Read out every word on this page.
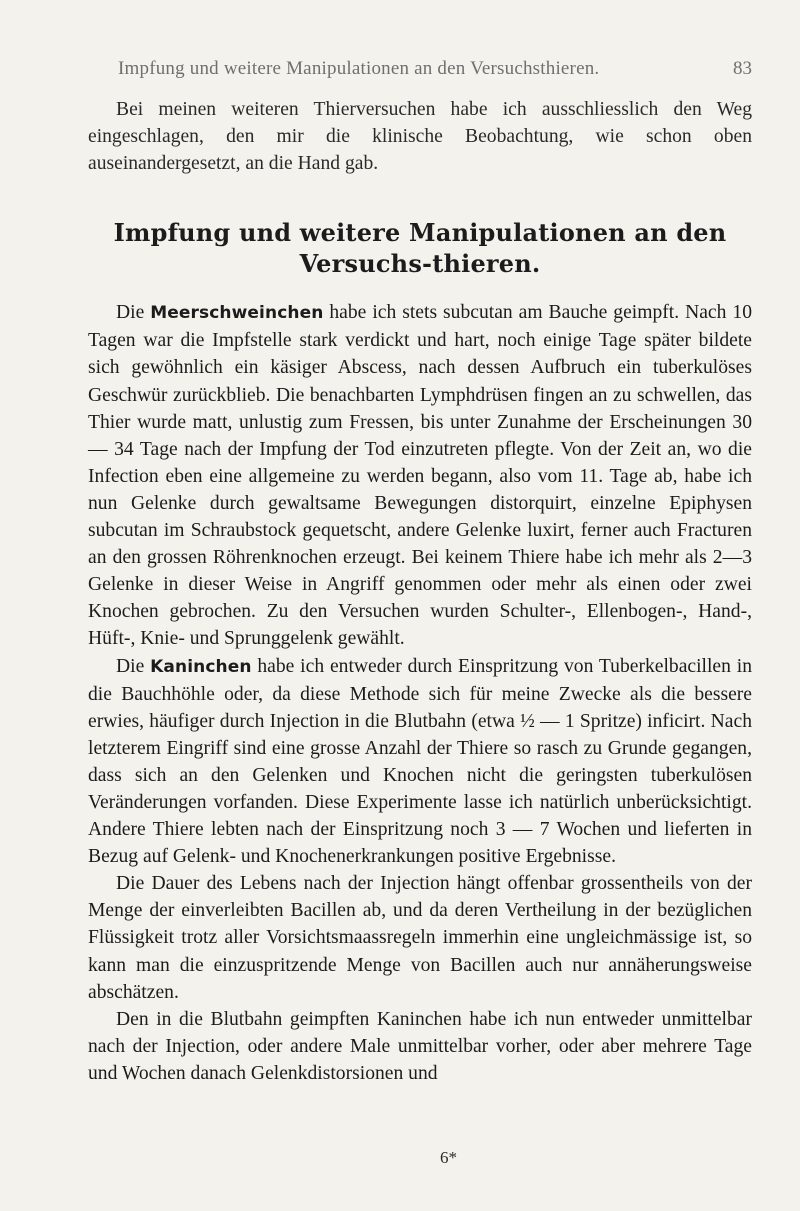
Impfung und weitere Manipulationen an den Versuchsthieren.	83

Bei meinen weiteren Thierversuchen habe ich ausschliesslich den Weg eingeschlagen, den mir die klinische Beobachtung, wie schon oben auseinandergesetzt, an die Hand gab.

Impfung und weitere Manipulationen an den Versuchs-thieren.

Die Meerschweinchen habe ich stets subcutan am Bauche geimpft. Nach 10 Tagen war die Impfstelle stark verdickt und hart, noch einige Tage später bildete sich gewöhnlich ein käsiger Abscess, nach dessen Aufbruch ein tuberkulöses Geschwür zurückblieb. Die benachbarten Lymphdrüsen fingen an zu schwellen, das Thier wurde matt, unlustig zum Fressen, bis unter Zunahme der Erscheinungen 30 — 34 Tage nach der Impfung der Tod einzutreten pflegte. Von der Zeit an, wo die Infection eben eine allgemeine zu werden begann, also vom 11. Tage ab, habe ich nun Gelenke durch gewaltsame Bewegungen distorquirt, einzelne Epiphysen subcutan im Schraubstock gequetscht, andere Gelenke luxirt, ferner auch Fracturen an den grossen Röhrenknochen erzeugt. Bei keinem Thiere habe ich mehr als 2—3 Gelenke in dieser Weise in Angriff genommen oder mehr als einen oder zwei Knochen gebrochen. Zu den Versuchen wurden Schulter-, Ellenbogen-, Hand-, Hüft-, Knie- und Sprunggelenk gewählt.

Die Kaninchen habe ich entweder durch Einspritzung von Tuberkelbacillen in die Bauchhöhle oder, da diese Methode sich für meine Zwecke als die bessere erwies, häufiger durch Injection in die Blutbahn (etwa ½ — 1 Spritze) inficirt. Nach letzterem Eingriff sind eine grosse Anzahl der Thiere so rasch zu Grunde gegangen, dass sich an den Gelenken und Knochen nicht die geringsten tuberkulösen Veränderungen vorfanden. Diese Experimente lasse ich natürlich unberücksichtigt. Andere Thiere lebten nach der Einspritzung noch 3 — 7 Wochen und lieferten in Bezug auf Gelenk- und Knochenerkrankungen positive Ergebnisse.

Die Dauer des Lebens nach der Injection hängt offenbar grossentheils von der Menge der einverleibten Bacillen ab, und da deren Vertheilung in der bezüglichen Flüssigkeit trotz aller Vorsichtsmaassregeln immerhin eine ungleichmässige ist, so kann man die einzuspritzende Menge von Bacillen auch nur annäherungsweise abschätzen.

Den in die Blutbahn geimpften Kaninchen habe ich nun entweder unmittelbar nach der Injection, oder andere Male unmittelbar vorher, oder aber mehrere Tage und Wochen danach Gelenkdistorsionen und

6*
